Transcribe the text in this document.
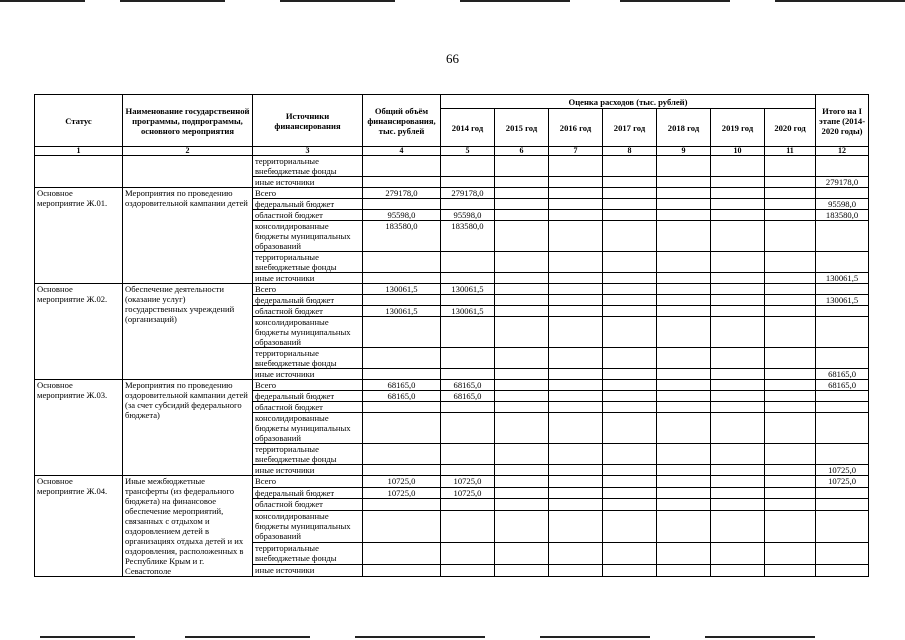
66
Статус	Наименование государственной программы, подпрограммы, основного мероприятия	Источники финансирования	Общий объём финансирования, тыс. рублей	Оценка расходов (тыс. рублей)							Итого на I этапе (2014-2020 годы)
				2014 год	2015 год	2016 год	2017 год	2018 год	2019 год	2020 год	
1	2	3	4	5	6	7	8	9	10	11	12
		территориальные внебюджетные фонды									
		иные источники									279178,0
Основное мероприятие Ж.01.	Мероприятия по проведению оздоровительной кампании детей	Всего	279178,0	279178,0							
		федеральный бюджет									95598,0
		областной бюджет	95598,0	95598,0							183580,0
		консолидированные бюджеты муниципальных образований	183580,0	183580,0							
		территориальные внебюджетные фонды									
		иные источники									130061,5
Основное мероприятие Ж.02.	Обеспечение деятельности (оказание услуг) государственных учреждений (организаций)	Всего	130061,5	130061,5							
		федеральный бюджет									130061,5
		областной бюджет	130061,5	130061,5							
		консолидированные бюджеты муниципальных образований									
		территориальные внебюджетные фонды									
		иные источники									68165,0
Основное мероприятие Ж.03.	Мероприятия по проведению оздоровительной кампании детей (за счет субсидий федерального бюджета)	Всего	68165,0	68165,0							68165,0
		федеральный бюджет	68165,0	68165,0							
		областной бюджет									
		консолидированные бюджеты муниципальных образований									
		территориальные внебюджетные фонды									
		иные источники									10725,0
Основное мероприятие Ж.04.	Иные межбюджетные трансферты (из федерального бюджета) на финансовое обеспечение мероприятий, связанных с отдыхом и оздоровлением детей в организациях отдыха детей и их оздоровления, расположенных в Республике Крым и г. Севастополе	Всего	10725,0	10725,0							10725,0
		федеральный бюджет	10725,0	10725,0							
		областной бюджет									
		консолидированные бюджеты муниципальных образований									
		территориальные внебюджетные фонды									
		иные источники									
